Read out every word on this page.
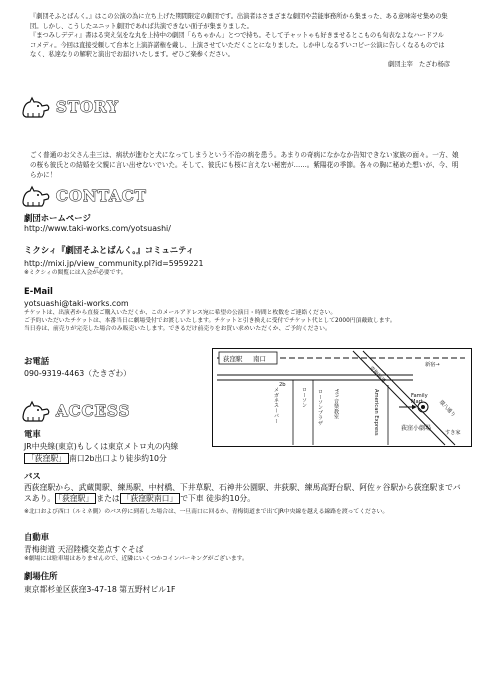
『劇団そふとばんく。』はこの公演の為に立ち上げた期間限定の劇団です。出演者はさまざまな劇団や芸能事務所から集まった、ある意味寄せ集めの集団。しかし、こうしたユニット劇団であれば共演できない面子が集まりました。

『まつみしデディ』書はる突え気をな丸を上持中の劇団「らちゃかん」とつで持ち。そして子ャットゃも好きませるとこものも旬表なよなハードフルコメディ。今回は直接受頼して台本と上演許諾権を戴し、上演させていただくことになりました。しか申しなるすいコピー公演に告しくなるものではなく、私達なりの解釈と演出でお届けいたします。ぜひご楽参ください。

劇団主宰　たざわ杨彦

STORY

ごく普通のお父さん圭三は、病状が進むと犬になってしまうという不治の病を患う。あまりの奇病になかなか告知できない家族の面々。一方、娘の桜も彼氏との結婚を父親に言い出せないでいた。そして、彼氏にも桜に言えない秘密が……。紫陽花の季節。各々の胸に秘めた想いが、今、明らかに！

CONTACT
劇団ホームページ
http://www.taki-works.com/yotsuashi/
ミクシィ『劇団そふとばんく。』コミュニティ
http://mixi.jp/view_community.pl?id=5959221
※ミクシィの閲覧には入会が必要です。
E-Mail
yotsuashi@taki-works.com
チケットは、出演者から直接ご購入いただくか、このメールアドレス宛に希望の公演日・時間と枚数をご連絡ください。
ご予約いただいたチケットは、本番当日に劇場受付でお渡しいたします。チケットと引き換えに受付でチケット代として2000円頂戴致します。
当日券は、前売りが完売した場合のみ販売いたします。できるだけ前売りをお買い求めいただくか、ご予約ください。
お電話
090-9319-4463（たきざわ）
ACCESS
荻窪駅 南口
新宿→
青梅街道
環八通り
メガネスーパー	ローソン ローソンプラザ ﾔﾏﾊ 音楽教室	American Express	Family Mart
荻窪小劇場
すき家
2b
電車
JR中央線(東京)もしくは東京メトロ丸の内線
「荻窪駅」 南口2b出口より徒歩約10分
バス
西荻窪駅から、武蔵関駅、練馬駅、中村橋、下井草駅、石神井公園駅、井荻駅、練馬高野台駅、阿佐ヶ谷駅から荻窪駅までバスあり。 「荻窪駅」 または 「荻窪駅南口」 で下車 徒歩約10分。
※北口および西口（ルミネ側）のバス停に到着した場合は、一旦南口に回るか、青梅街道まで出てJR中央線を越える線路を渡ってください。
自動車
青梅街道 天沼陸橋交差点すぐそば
※劇場には駐車場はありませんので、近隣にいくつかコインパーキングがございます。
劇場住所
東京都杉並区荻窪3-47-18 第五野村ビル1F
